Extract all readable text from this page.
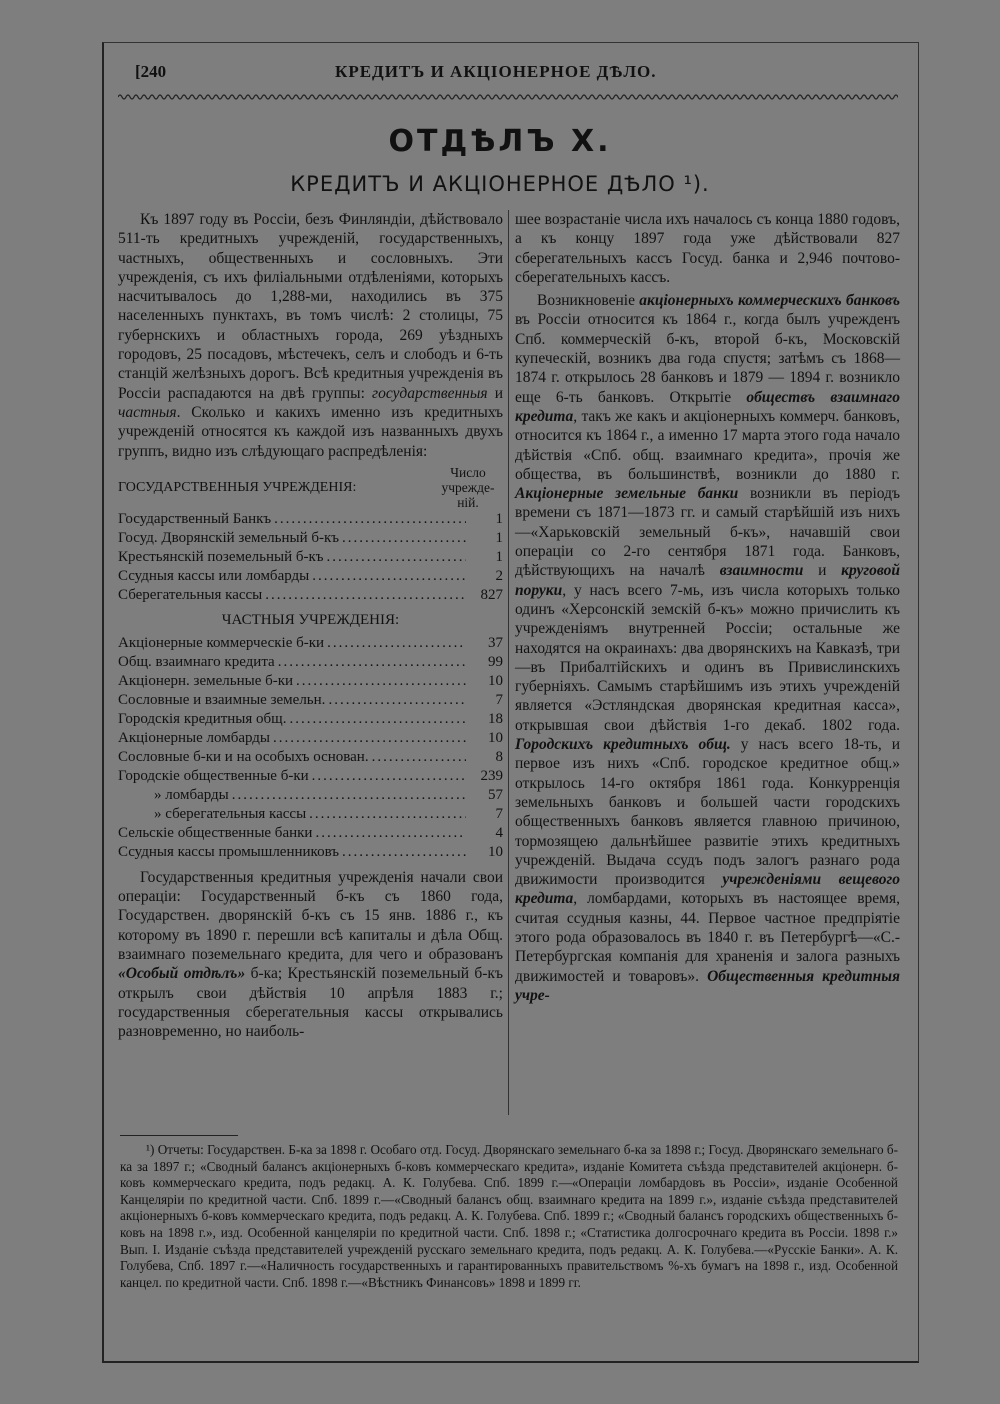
[240	КРЕДИТЪ И АКЦІОНЕРНОЕ ДѢЛО.
ОТДѢЛЪ X.
КРЕДИТЪ И АКЦІОНЕРНОЕ ДѢЛО ¹).

Къ 1897 году въ Россіи, безъ Финляндіи, дѣйствовало 511-ть кредитныхъ учрежденій, государственныхъ, частныхъ, общественныхъ и сословныхъ. Эти учрежденія, съ ихъ филіальными отдѣленіями, которыхъ насчитывалось до 1,288-ми, находились въ 375 населенныхъ пунктахъ, въ томъ числѣ: 2 столицы, 75 губернскихъ и областныхъ города, 269 уѣздныхъ городовъ, 25 посадовъ, мѣстечекъ, селъ и слободъ и 6-ть станцій желѣзныхъ дорогъ. Всѣ кредитныя учрежденія въ Россіи распадаются на двѣ группы: государственныя и частныя. Сколько и какихъ именно изъ кредитныхъ учрежденій относятся къ каждой изъ названныхъ двухъ группъ, видно изъ слѣдующаго распредѣленія:

ГОСУДАРСТВЕННЫЯ УЧРЕЖДЕНІЯ:
Число учрежде-ній.
Государственный Банкъ .....	1
Госуд. Дворянскій земельный б-къ .....	1
Крестьянскій поземельный б-къ .....	1
Ссудныя кассы или ломбарды .....	2
Сберегательныя кассы .....	827
ЧАСТНЫЯ УЧРЕЖДЕНІЯ:
Акціонерные коммерческіе б-ки .....	37
Общ. взаимнаго кредита .....	99
Акціонерн. земельные б-ки .....	10
Сословные и взаимные земельн. .....	7
Городскія кредитныя общ. .....	18
Акціонерные ломбарды .....	10
Сословные б-ки и на особыхъ основан. .....	8
Городскіе общественные б-ки .....	239
» ломбарды .....	57
» сберегательныя кассы .....	7
Сельскіе общественные банки .....	4
Ссудныя кассы промышленниковъ .....	10

Государственныя кредитныя учрежденія начали свои операціи: Государственный б-къ съ 1860 года, Государствен. дворянскій б-къ съ 15 янв. 1886 г., къ которому въ 1890 г. перешли всѣ капиталы и дѣла Общ. взаимнаго поземельнаго кредита, для чего и образованъ «Особый отдѣлъ» б-ка; Крестьянскій поземельный б-къ открылъ свои дѣйствія 10 апрѣля 1883 г.; государственныя сберегательныя кассы открывались разновременно, но наиболь-

шее возрастаніе числа ихъ началось съ конца 1880 годовъ, а къ концу 1897 года уже дѣйствовали 827 сберегательныхъ кассъ Госуд. банка и 2,946 почтово-сберегательныхъ кассъ.

Возникновеніе акціонерныхъ коммерческихъ банковъ въ Россіи относится къ 1864 г., когда былъ учрежденъ Спб. коммерческій б-къ, второй б-къ, Московскій купеческій, возникъ два года спустя; затѣмъ съ 1868—1874 г. открылось 28 банковъ и 1879 — 1894 г. возникло еще 6-ть банковъ. Открытіе обществъ взаимнаго кредита, такъ же какъ и акціонерныхъ коммерч. банковъ, относится къ 1864 г., а именно 17 марта этого года начало дѣйствія «Спб. общ. взаимнаго кредита», прочія же общества, въ большинствѣ, возникли до 1880 г. Акціонерные земельные банки возникли въ періодъ времени съ 1871—1873 гг. и самый старѣйшій изъ нихъ—«Харьковскій земельный б-къ», начавшій свои операціи со 2-го сентября 1871 года. Банковъ, дѣйствующихъ на началѣ взаимности и круговой поруки, у насъ всего 7-мь, изъ числа которыхъ только одинъ «Херсонскій земскій б-къ» можно причислить къ учрежденіямъ внутренней Россіи; остальные же находятся на окраинахъ: два дворянскихъ на Кавказѣ, три—въ Прибалтійскихъ и одинъ въ Привислинскихъ губерніяхъ. Самымъ старѣйшимъ изъ этихъ учрежденій является «Эстляндская дворянская кредитная касса», открывшая свои дѣйствія 1-го декаб. 1802 года. Городскихъ кредитныхъ общ. у насъ всего 18-ть, и первое изъ нихъ «Спб. городское кредитное общ.» открылось 14-го октября 1861 года. Конкурренція земельныхъ банковъ и большей части городскихъ общественныхъ банковъ является главною причиною, тормозящею дальнѣйшее развитіе этихъ кредитныхъ учрежденій. Выдача ссудъ подъ залогъ разнаго рода движимости производится учрежденіями вещевого кредита, ломбардами, которыхъ въ настоящее время, считая ссудныя казны, 44. Первое частное предпріятіе этого рода образовалось въ 1840 г. въ Петербургѣ—«С.-Петербургская компанія для храненія и залога разныхъ движимостей и товаровъ». Общественныя кредитныя учре-

¹) Отчеты: Государствен. Б-ка за 1898 г. Особаго отд. Госуд. Дворянскаго земельнаго б-ка за 1898 г.; Госуд. Дворянскаго земельнаго б-ка за 1897 г.; «Сводный балансъ акціонерныхъ б-ковъ коммерческаго кредита», изданіе Комитета съѣзда представителей акціонерн. б-ковъ коммерческаго кредита, подъ редакц. А. К. Голубева. Спб. 1899 г.—«Операціи ломбардовъ въ Россіи», изданіе Особенной Канцеляріи по кредитной части. Спб. 1899 г.—«Сводный балансъ общ. взаимнаго кредита на 1899 г.», изданіе съѣзда представителей акціонерныхъ б-ковъ коммерческаго кредита, подъ редакц. А. К. Голубева. Спб. 1899 г.; «Сводный балансъ городскихъ общественныхъ б-ковъ на 1898 г.», изд. Особенной канцеляріи по кредитной части. Спб. 1898 г.; «Статистика долгосрочнаго кредита въ Россіи. 1898 г.» Вып. I. Изданіе съѣзда представителей учрежденій русскаго земельнаго кредита, подъ редакц. А. К. Голубева.—«Русскіе Банки». А. К. Голубева, Спб. 1897 г.—«Наличность государственныхъ и гарантированныхъ правительствомъ %-хъ бумагъ на 1898 г., изд. Особенной канцел. по кредитной части. Спб. 1898 г.—«Вѣстникъ Финансовъ» 1898 и 1899 гг.
